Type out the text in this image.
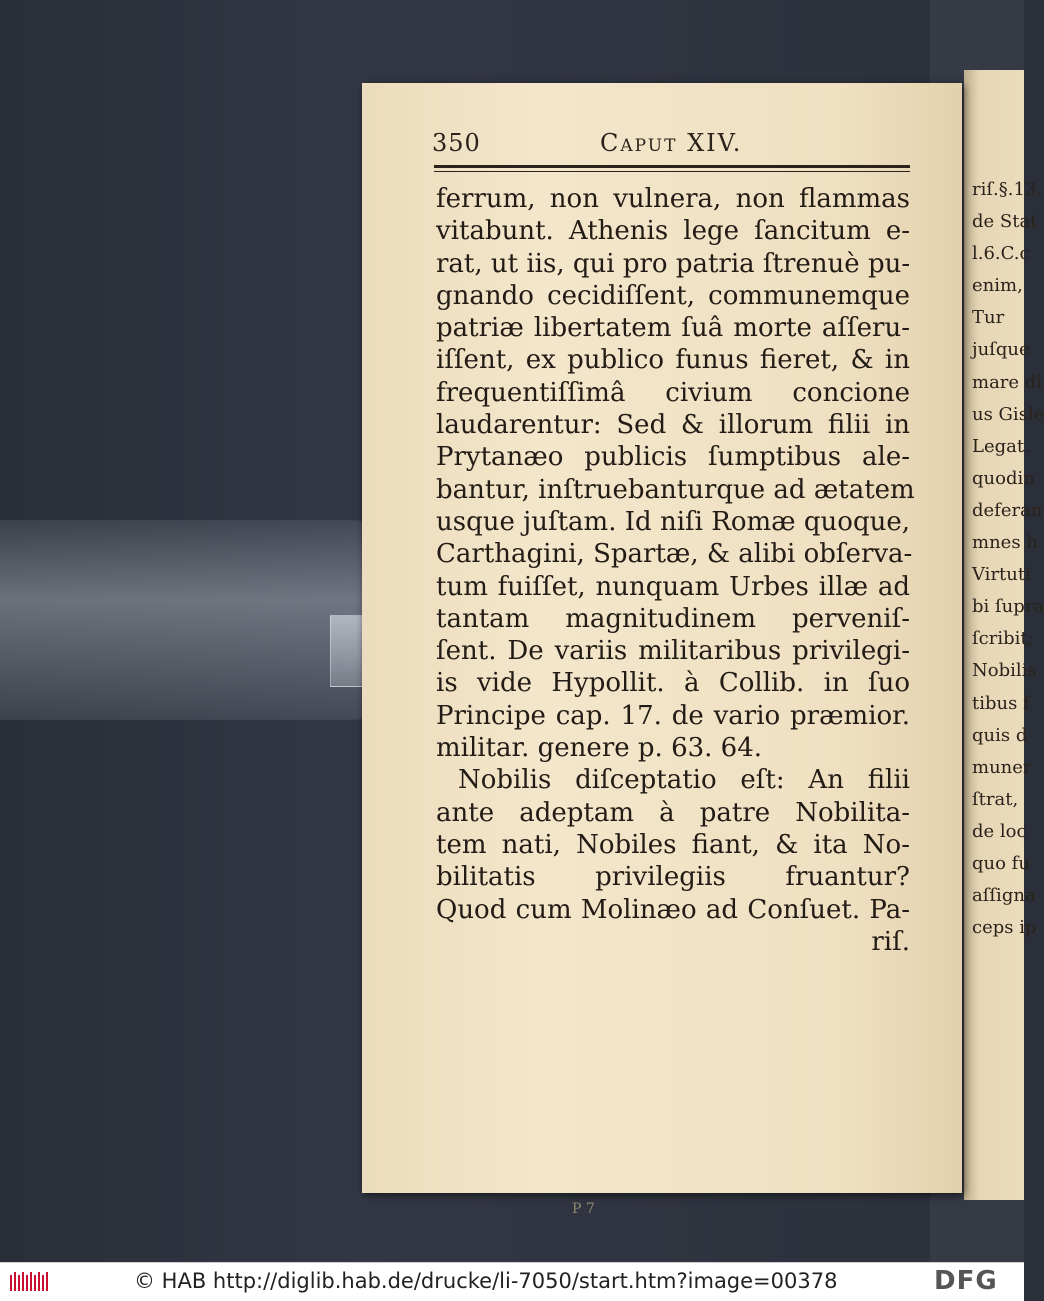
riſ.§.13.
de Stat
l.6.C.c
enim,
Tur
juſque
mare di
us Gisle
Legat.
quodin
deferan
mnes h
Virtuti
bi ſupra
ſcribit;
Nobilis
tibus f
quis d
muner
ſtrat,
de loc
quo fu
aſſigna
ceps ip
350	Caput XIV.
ferrum, non vulnera, non flammas
vitabunt. Athenis lege ſancitum e-
rat, ut iis, qui pro patria ſtrenuè pu-
gnando cecidiſſent, communemque
patriæ libertatem ſuâ morte aſſeru-
iſſent, ex publico funus fieret, & in
frequentiſſimâ civium concione
laudarentur: Sed & illorum filii in
Prytanæo publicis ſumptibus ale-
bantur, inſtruebanturque ad ætatem
usque juſtam. Id niſi Romæ quoque,
Carthagini, Spartæ, & alibi obſerva-
tum fuiſſet, nunquam Urbes illæ ad
tantam magnitudinem perveniſ-
ſent. De variis militaribus privilegi-
is vide Hypollit. à Collib. in ſuo
Principe cap. 17. de vario præmior.
militar. genere p. 63. 64.
Nobilis diſceptatio eſt: An filii
ante adeptam à patre Nobilita-
tem nati, Nobiles fiant, & ita No-
bilitatis privilegiis fruantur?
Quod cum Molinæo ad Conſuet. Pa-
riſ.
P 7
© HAB http://diglib.hab.de/drucke/li-7050/start.htm?image=00378	DFG
